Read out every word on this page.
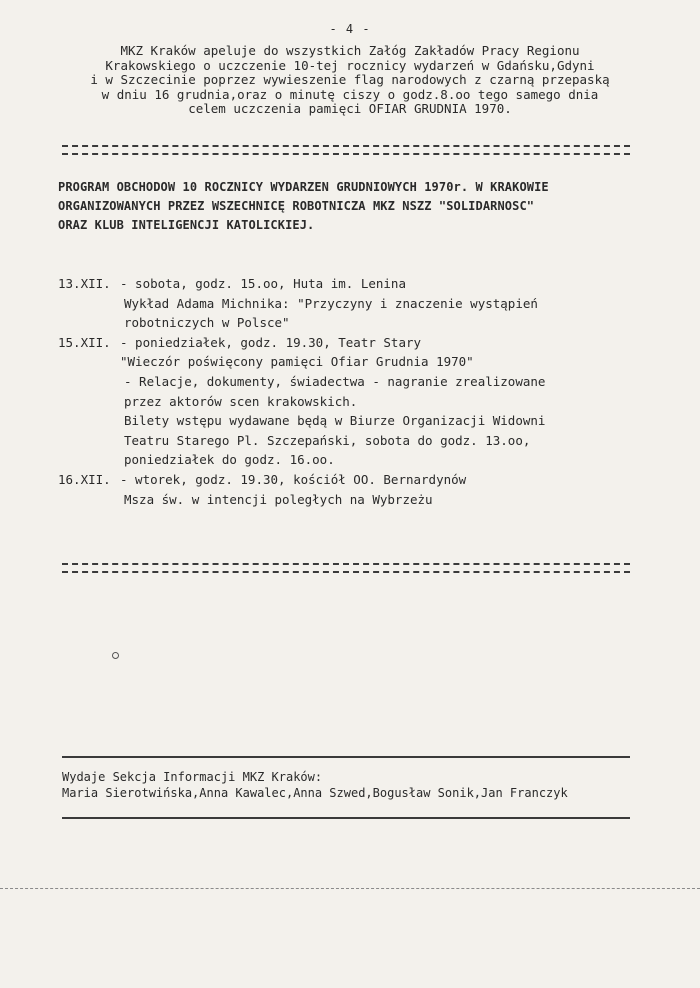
- 4 -
MKZ Kraków apeluje do wszystkich Załóg Zakładów Pracy Regionu
Krakowskiego o uczczenie 10-tej rocznicy wydarzeń w Gdańsku,Gdyni
i w Szczecinie poprzez wywieszenie flag narodowych z czarną przepaską
w dniu 16 grudnia,oraz o minutę ciszy o godz.8.oo tego samego dnia
celem uczczenia pamięci OFIAR GRUDNIA 1970.
PROGRAM OBCHODOW 10 ROCZNICY WYDARZEN GRUDNIOWYCH 1970r. W KRAKOWIE
ORGANIZOWANYCH PRZEZ WSZECHNICĘ ROBOTNICZA MKZ NSZZ "SOLIDARNOSC"
ORAZ KLUB INTELIGENCJI KATOLICKIEJ.
13.XII. - sobota, godz. 15.oo, Huta im. Lenina
Wykład Adama Michnika: "Przyczyny i znaczenie wystąpień
robotniczych w Polsce"
15.XII. - poniedziałek, godz. 19.30, Teatr Stary
"Wieczór poświęcony pamięci Ofiar Grudnia 1970"
- Relacje, dokumenty, świadectwa - nagranie zrealizowane
przez aktorów scen krakowskich.
Bilety wstępu wydawane będą w Biurze Organizacji Widowni
Teatru Starego Pl. Szczepański, sobota do godz. 13.oo,
poniedziałek do godz. 16.oo.
16.XII. - wtorek, godz. 19.30, kościół OO. Bernardynów
Msza św. w intencji poległych na Wybrzeżu
Wydaje Sekcja Informacji MKZ Kraków:
Maria Sierotwińska,Anna Kawalec,Anna Szwed,Bogusław Sonik,Jan Franczyk
